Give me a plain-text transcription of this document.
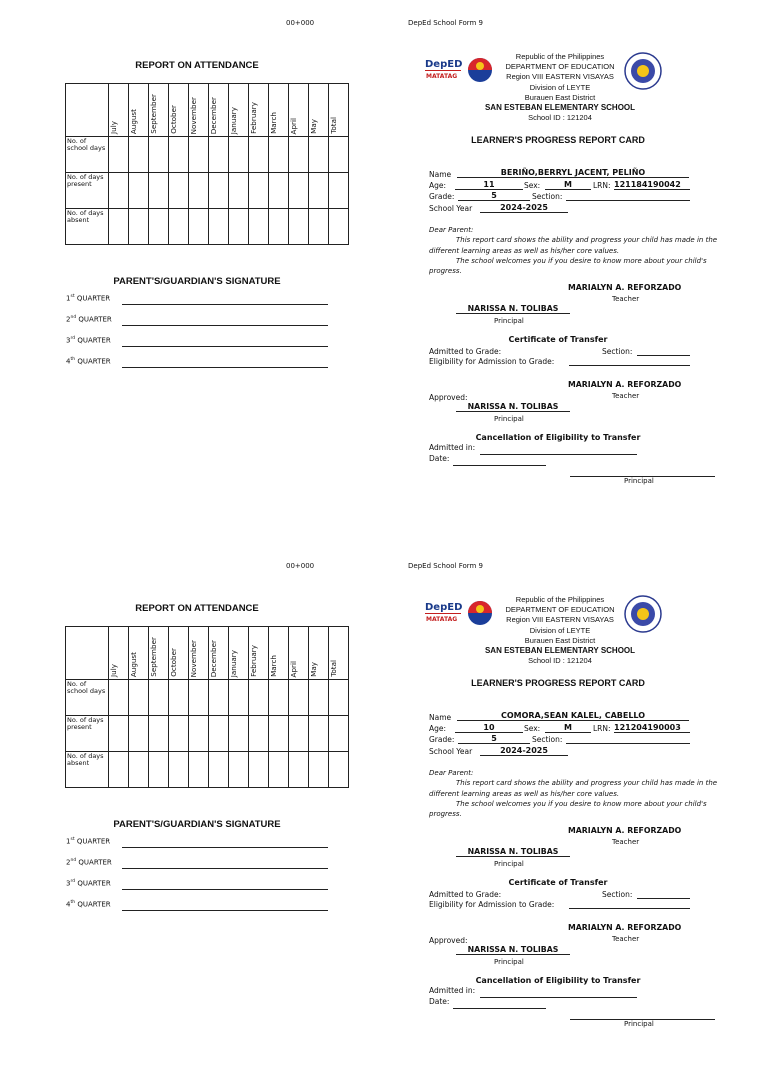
00+000	DepEd School Form 9
REPORT ON ATTENDANCE

	July	August	September	October	November	December	January	February	March	April	May	Total

No. of school days												
No. of days present												
No. of days absent												
PARENT'S/GUARDIAN'S SIGNATURE
1st QUARTER
2nd QUARTER
3rd QUARTER
4th QUARTER
DepED
MATATAG
Republic of the Philippines
DEPARTMENT OF EDUCATION
Region VIII EASTERN VISAYAS
Division of LEYTE
Burauen East District
SAN ESTEBAN ELEMENTARY SCHOOL
School ID : 121204
LEARNER'S PROGRESS REPORT CARD
Name	BERIÑO,BERRYL JACENT, PELIÑO
Age:	11	Sex:	M	LRN: 121184190042
Grade:	5	Section:
School Year	2024-2025
Dear Parent:
This report card shows the ability and progress your child has made in the different learning areas as well as his/her core values.
The school welcomes you if you desire to know more about your child's progress.
MARIALYN A. REFORZADO
Teacher
NARISSA N. TOLIBAS
Principal
Certificate of Transfer
Admitted to Grade:	Section:
Eligibility for Admission to Grade:
MARIALYN A. REFORZADO
Teacher
Approved:
NARISSA N. TOLIBAS
Principal
Cancellation of Eligibility to Transfer
Admitted in:
Date:
Principal
00+000	DepEd School Form 9
REPORT ON ATTENDANCE

	July	August	September	October	November	December	January	February	March	April	May	Total

No. of school days												
No. of days present												
No. of days absent												
PARENT'S/GUARDIAN'S SIGNATURE
1st QUARTER
2nd QUARTER
3rd QUARTER
4th QUARTER
DepED
MATATAG
Republic of the Philippines
DEPARTMENT OF EDUCATION
Region VIII EASTERN VISAYAS
Division of LEYTE
Burauen East District
SAN ESTEBAN ELEMENTARY SCHOOL
School ID : 121204
LEARNER'S PROGRESS REPORT CARD
Name	COMORA,SEAN KALEL, CABELLO
Age:	10	Sex:	M	LRN: 121204190003
Grade:	5	Section:
School Year	2024-2025
Dear Parent:
This report card shows the ability and progress your child has made in the different learning areas as well as his/her core values.
The school welcomes you if you desire to know more about your child's progress.
MARIALYN A. REFORZADO
Teacher
NARISSA N. TOLIBAS
Principal
Certificate of Transfer
Admitted to Grade:	Section:
Eligibility for Admission to Grade:
MARIALYN A. REFORZADO
Teacher
Approved:
NARISSA N. TOLIBAS
Principal
Cancellation of Eligibility to Transfer
Admitted in:
Date:
Principal
